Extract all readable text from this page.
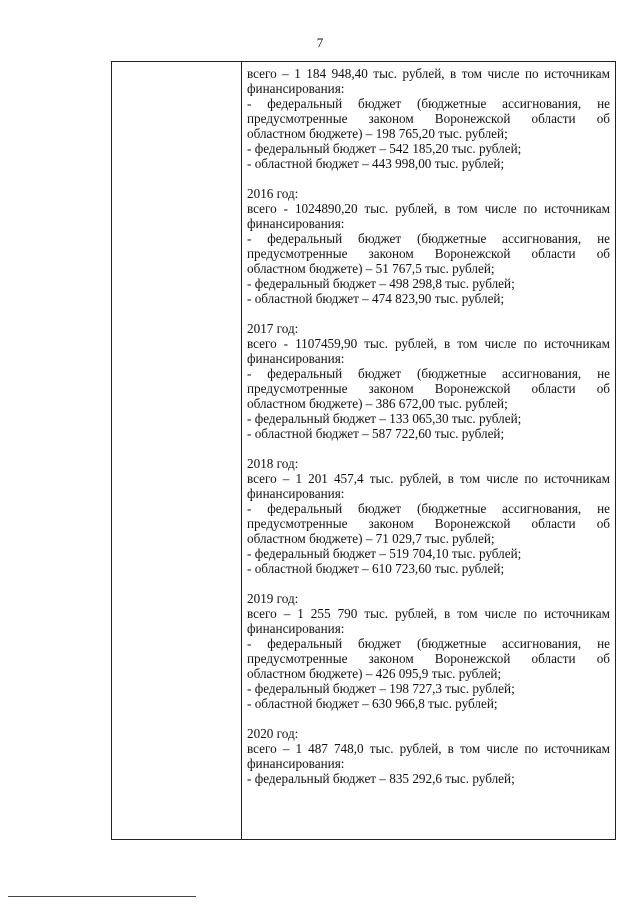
7
всего – 1 184 948,40 тыс. рублей, в том числе по источникам
финансирования:
- федеральный бюджет (бюджетные ассигнования, не
предусмотренные законом Воронежской области об
областном бюджете) – 198 765,20 тыс. рублей;
- федеральный бюджет – 542 185,20 тыс. рублей;
- областной бюджет – 443 998,00 тыс. рублей;
2016 год:
всего - 1024890,20 тыс. рублей, в том числе по источникам
финансирования:
- федеральный бюджет (бюджетные ассигнования, не
предусмотренные законом Воронежской области об
областном бюджете) – 51 767,5 тыс. рублей;
- федеральный бюджет – 498 298,8 тыс. рублей;
- областной бюджет – 474 823,90 тыс. рублей;
2017 год:
всего - 1107459,90 тыс. рублей, в том числе по источникам
финансирования:
- федеральный бюджет (бюджетные ассигнования, не
предусмотренные законом Воронежской области об
областном бюджете) – 386 672,00 тыс. рублей;
- федеральный бюджет – 133 065,30 тыс. рублей;
- областной бюджет – 587 722,60 тыс. рублей;
2018 год:
всего – 1 201 457,4 тыс. рублей, в том числе по источникам
финансирования:
- федеральный бюджет (бюджетные ассигнования, не
предусмотренные законом Воронежской области об
областном бюджете) – 71 029,7 тыс. рублей;
- федеральный бюджет – 519 704,10 тыс. рублей;
- областной бюджет – 610 723,60 тыс. рублей;
2019 год:
всего – 1 255 790 тыс. рублей, в том числе по источникам
финансирования:
- федеральный бюджет (бюджетные ассигнования, не
предусмотренные законом Воронежской области об
областном бюджете) – 426 095,9 тыс. рублей;
- федеральный бюджет – 198 727,3 тыс. рублей;
- областной бюджет – 630 966,8 тыс. рублей;
2020 год:
всего – 1 487 748,0 тыс. рублей, в том числе по источникам
финансирования:
- федеральный бюджет – 835 292,6 тыс. рублей;
